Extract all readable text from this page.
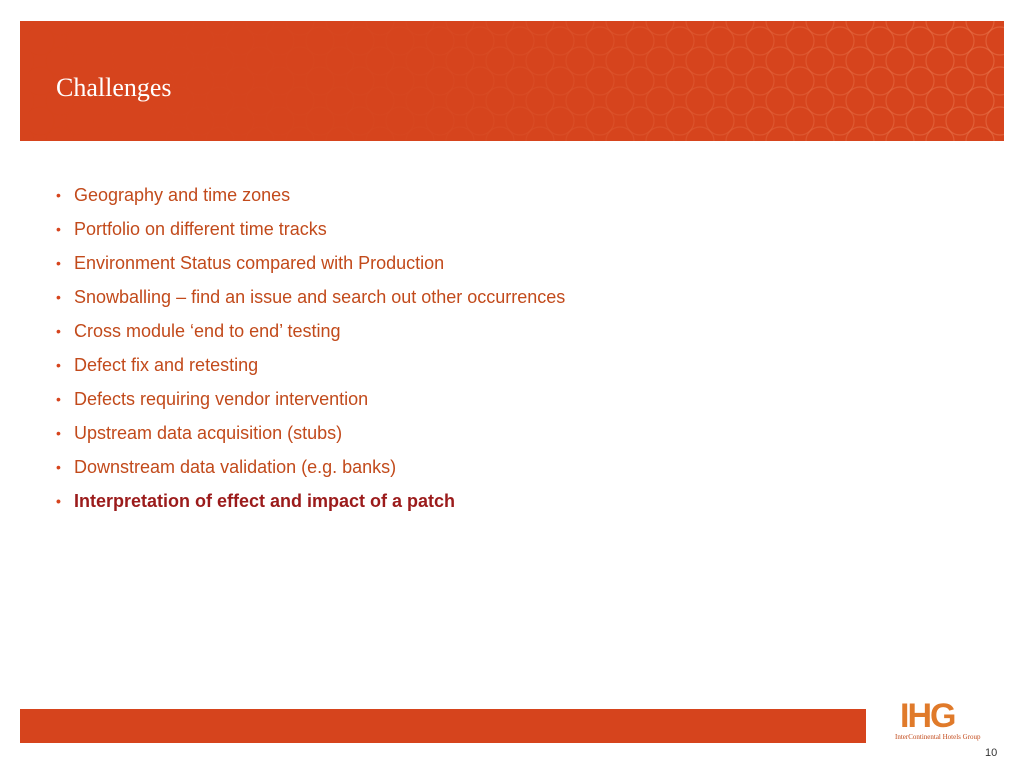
Challenges
• Geography and time zones
• Portfolio on different time tracks
• Environment Status compared with Production
• Snowballing – find an issue and search out other occurrences
• Cross module ‘end to end’ testing
• Defect fix and retesting
• Defects requiring vendor intervention
• Upstream data acquisition (stubs)
• Downstream data validation (e.g. banks)
• Interpretation of effect and impact of a patch
IHG
InterContinental Hotels Group
10
